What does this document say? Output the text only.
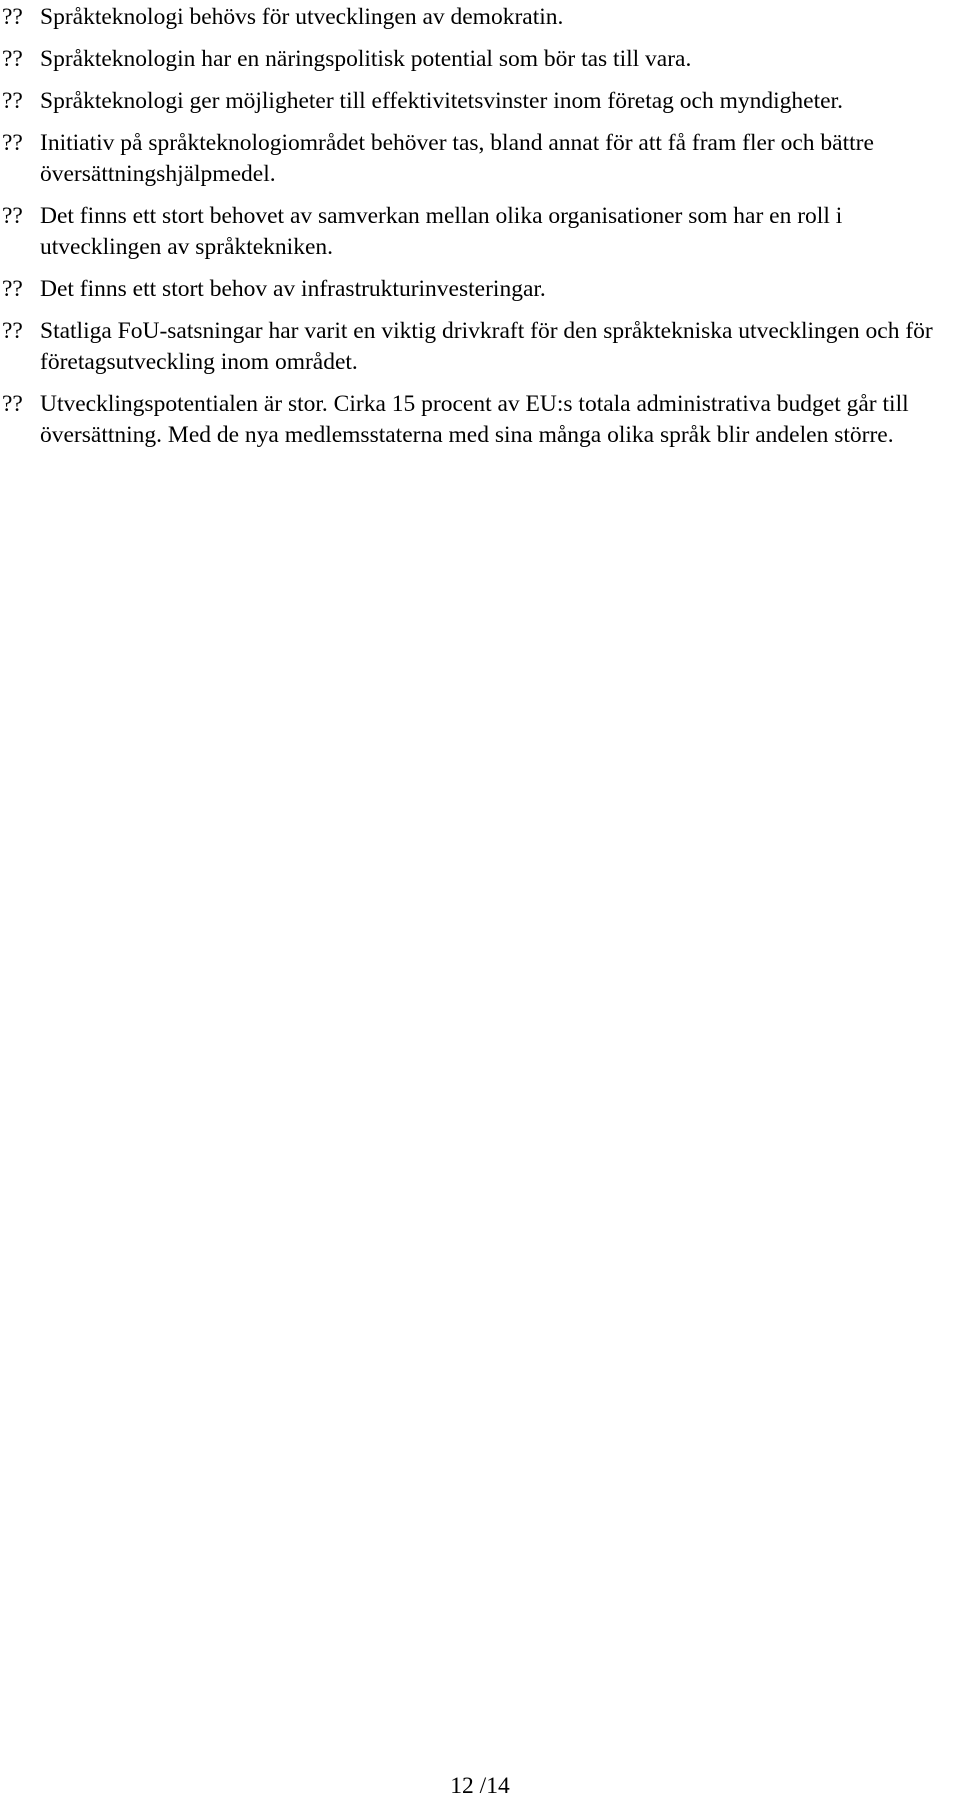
?? Språkteknologi behövs för utvecklingen av demokratin.
?? Språkteknologin har en näringspolitisk potential som bör tas till vara.
?? Språkteknologi ger möjligheter till effektivitetsvinster inom företag och myndigheter.
?? Initiativ på språkteknologiområdet behöver tas, bland annat för att få fram fler och bättre översättningshjälpmedel.
?? Det finns ett stort behovet av samverkan mellan olika organisationer som har en roll i utvecklingen av språktekniken.
?? Det finns ett stort behov av infrastrukturinvesteringar.
?? Statliga FoU-satsningar har varit en viktig drivkraft för den språktekniska utvecklingen och för företagsutveckling inom området.
?? Utvecklingspotentialen är stor. Cirka 15 procent av EU:s totala administrativa budget går till översättning. Med de nya medlemsstaterna med sina många olika språk blir andelen större.
12 /14
